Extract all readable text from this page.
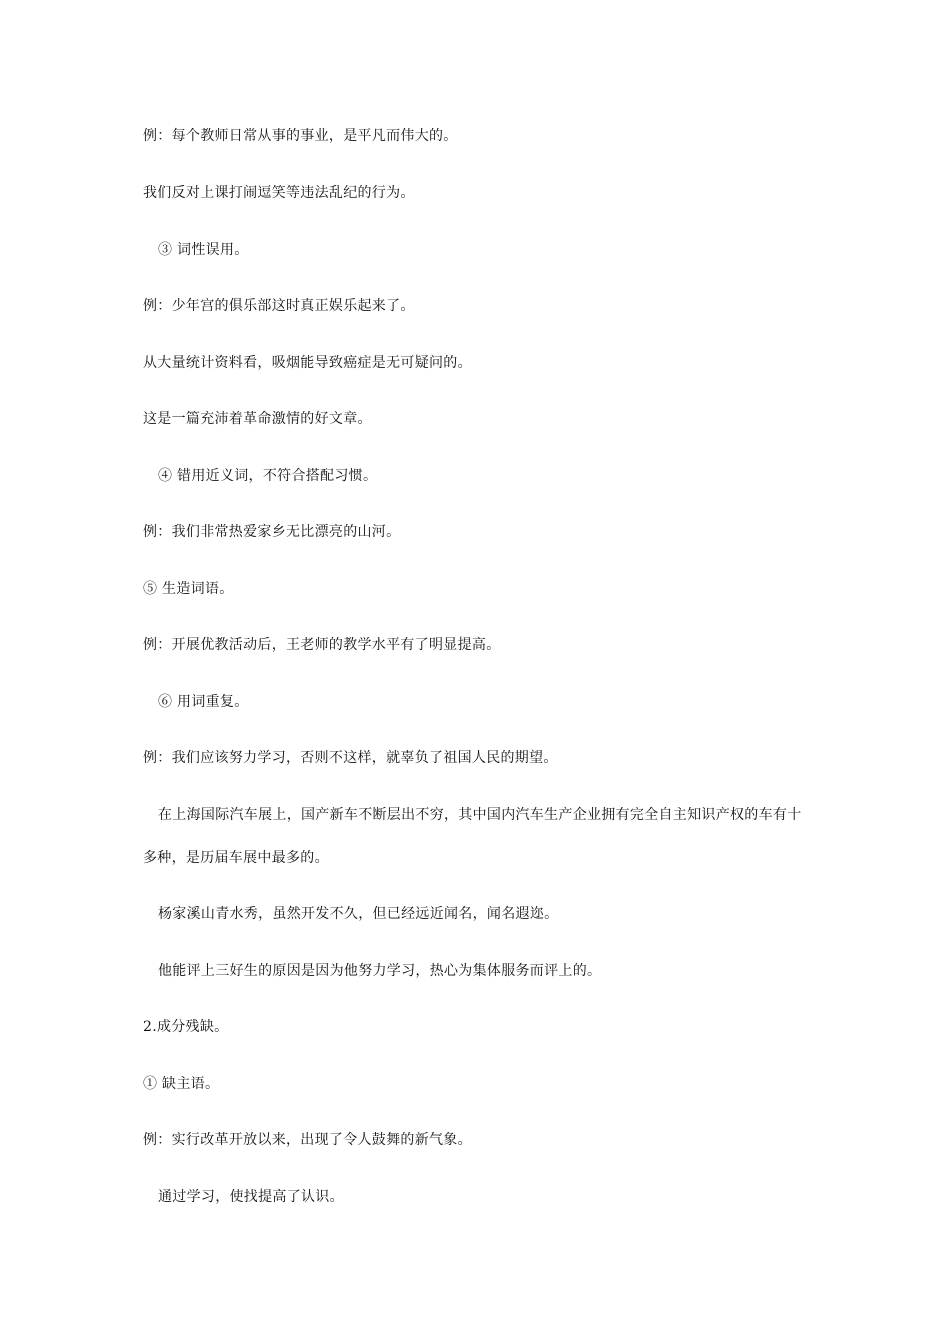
例：每个教师日常从事的事业，是平凡而伟大的。
我们反对上课打闹逗笑等违法乱纪的行为。
③ 词性误用。
例：少年宫的俱乐部这时真正娱乐起来了。
从大量统计资料看，吸烟能导致癌症是无可疑问的。
这是一篇充沛着革命激情的好文章。
④ 错用近义词，不符合搭配习惯。
例：我们非常热爱家乡无比漂亮的山河。
⑤ 生造词语。
例：开展优教活动后，王老师的教学水平有了明显提高。
⑥ 用词重复。
例：我们应该努力学习，否则不这样，就辜负了祖国人民的期望。
在上海国际汽车展上，国产新车不断层出不穷，其中国内汽车生产企业拥有完全自主知识产权的车有十
多种，是历届车展中最多的。
杨家溪山青水秀，虽然开发不久，但已经远近闻名，闻名遐迩。
他能评上三好生的原因是因为他努力学习，热心为集体服务而评上的。
2.成分残缺。
① 缺主语。
例：实行改革开放以来，出现了令人鼓舞的新气象。
通过学习，使找提高了认识。
